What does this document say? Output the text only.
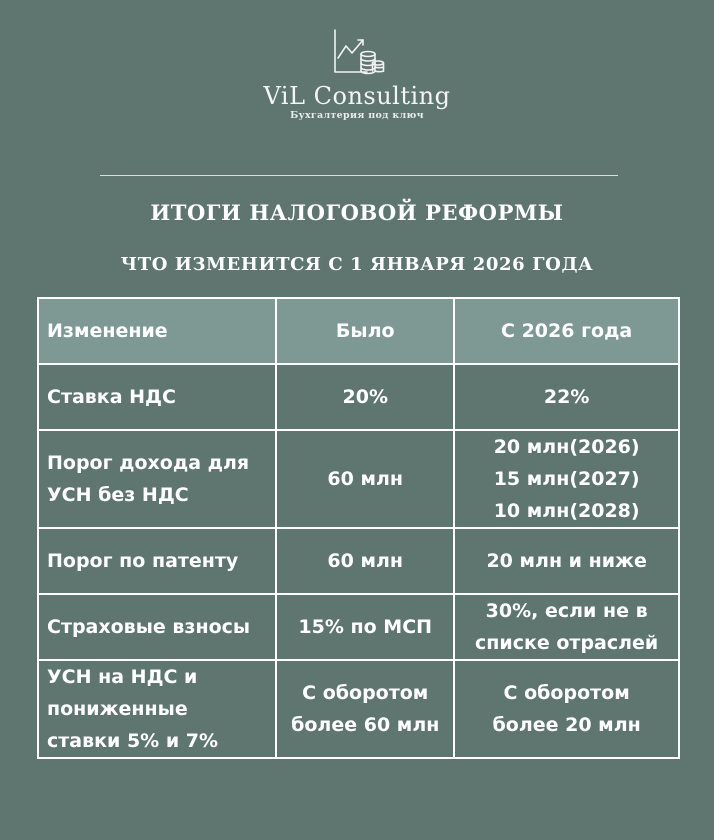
ViL Consulting
Бухгалтерия под ключ
ИТОГИ НАЛОГОВОЙ РЕФОРМЫ
ЧТО ИЗМЕНИТСЯ С 1 ЯНВАРЯ 2026 ГОДА
Изменение	Было	С 2026 года

Ставка НДС	20%	22%

Порог дохода для
УСН без НДС	60 млн	20 млн(2026)
15 млн(2027)
10 млн(2028)

Порог по патенту	60 млн	20 млн и ниже

Страховые взносы	15% по МСП	30%, если не в
списке отраслей

УСН на НДС и
пониженные
ставки 5% и 7%	С оборотом
более 60 млн	С оборотом
более 20 млн
